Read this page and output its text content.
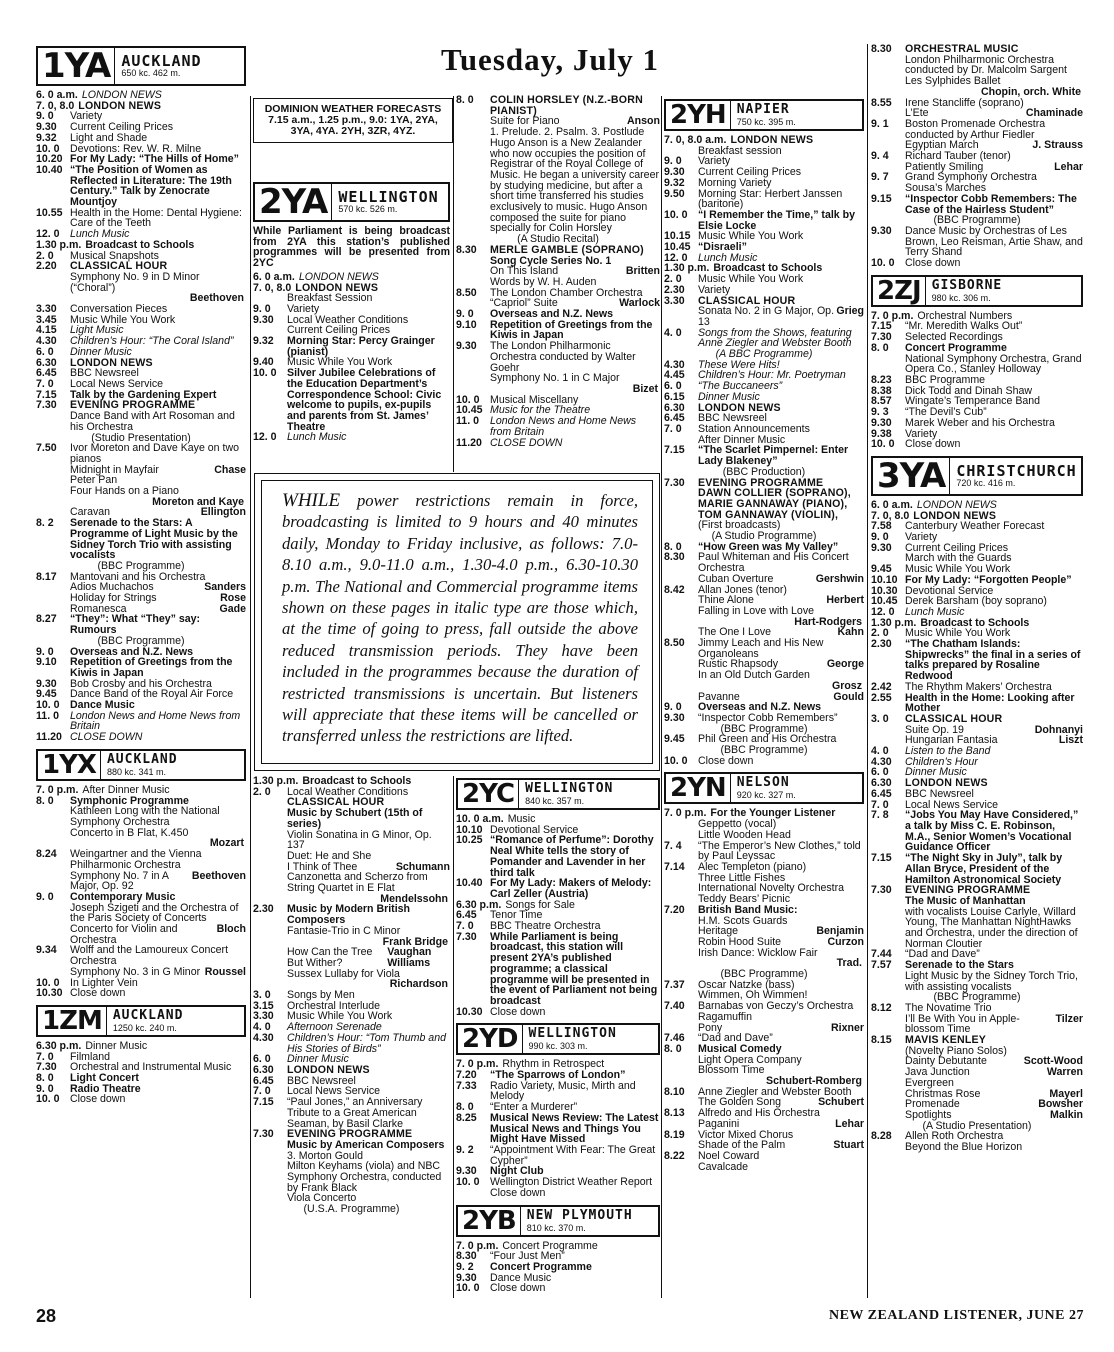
Tuesday, July 1
DOMINION WEATHER FORECASTS
7.15 a.m., 1.25 p.m., 9.0: 1YA, 2YA, 3YA, 4YA. 2YH, 3ZR, 4YZ.
WHILE power restrictions remain in force, broadcasting is limited to 9 hours and 40 minutes daily, Monday to Friday inclusive, as follows: 7.0-8.10 a.m., 9.0-11.0 a.m., 1.30-4.0 p.m., 6.30-10.30 p.m. The National and Commercial programme items shown on these pages in italic type are those which, at the time of going to press, fall outside the above reduced transmission periods. They have been included in the programmes because the duration of restricted transmissions is uncertain. But listeners will appreciate that these items will be cancelled or transferred unless the restrictions are lifted.
1YA AUCKLAND
650 kc. 462 m.
6. 0 a.m. LONDON NEWS
7. 0, 8.0 LONDON NEWS
9. 0	Variety
9.30	Current Ceiling Prices
9.32	Light and Shade
10. 0 Devotions: Rev. W. R. Milne
10.20 For My Lady: “The Hills of Home”
10.40 “The Position of Women as Reflected in Literature: The 19th Century.” Talk by Zenocrate Mountjoy
10.55 Health in the Home: Dental Hygiene: Care of the Teeth
12. 0 Lunch Music
1.30 p.m. Broadcast to Schools
2. 0	Musical Snapshots
2.20	CLASSICAL HOUR
Symphony No. 9 in D Minor (“Choral”)
Beethoven
3.30	Conversation Pieces
3.45	Music While You Work
4.15	Light Music
4.30	Children’s Hour: “The Coral Island”
6. 0	Dinner Music
6.30	LONDON NEWS
6.45	BBC Newsreel
7. 0	Local News Service
7.15	Talk by the Gardening Expert
7.30	EVENING PROGRAMME
Dance Band with Art Rosoman and his Orchestra
(Studio Presentation)
7.50	Ivor Moreton and Dave Kaye on two pianos
Midnight in Mayfair	Chase
Peter Pan
Four Hands on a Piano
Moreton and Kaye
Caravan	Ellington
8. 2	Serenade to the Stars: A Programme of Light Music by the Sidney Torch Trio with assisting vocalists
(BBC Programme)
8.17	Mantovani and his Orchestra
Adios Muchachos	Sanders
Holiday for Strings	Rose
Romanesca	Gade
8.27	“They”: What “They” say: Rumours
(BBC Programme)
9. 0	Overseas and N.Z. News
9.10	Repetition of Greetings from the Kiwis in Japan
9.30	Bob Crosby and his Orchestra
9.45	Dance Band of the Royal Air Force
10. 0 Dance Music
11. 0	London News and Home News from Britain
11.20 CLOSE DOWN
1YX AUCKLAND
880 kc. 341 m.
7. 0 p.m. After Dinner Music
8. 0	Symphonic Programme
Kathleen Long with the National Symphony Orchestra
Concerto in B Flat, K.450
Mozart
8.24	Weingartner and the Vienna Philharmonic Orchestra
Symphony No. 7 in A Major, Op. 92
Beethoven
9. 0	Contemporary Music
Joseph Szigeti and the Orchestra of the Paris Society of Concerts
Concerto for Violin and Orchestra
Bloch
9.34	Wolff and the Lamoureux Concert Orchestra
Symphony No. 3 in G Minor Roussel
10. 0 In Lighter Vein
10.30 Close down
1ZM AUCKLAND
1250 kc. 240 m.
6.30 p.m. Dinner Music
7. 0	Filmland
7.30	Orchestral and Instrumental Music
8. 0	Light Concert
9. 0	Radio Theatre
10. 0 Close down
2YA WELLINGTON
570 kc. 526 m.
While Parliament is being broadcast from 2YA this station’s published programmes will be presented from 2YC
6. 0 a.m. LONDON NEWS
7. 0, 8.0 LONDON NEWS
Breakfast Session
9. 0	Variety
9.30	Local Weather Conditions
Current Ceiling Prices
9.32	Morning Star: Percy Grainger (pianist)
9.40	Music While You Work
10. 0 Silver Jubilee Celebrations of the Education Department’s Correspondence School: Civic welcome to pupils, ex-pupils and parents from St. James’ Theatre
12. 0 Lunch Music
1.30 p.m. Broadcast to Schools
2. 0	Local Weather Conditions
CLASSICAL HOUR
Music by Schubert (15th of series)
Violin Sonatina in G Minor, Op. 137
Duet: He and She
I Think of Thee	Schumann
Canzonetta and Scherzo from String Quartet in E Flat
Mendelssohn
2.30	Music by Modern British Composers
Fantasie-Trio in C Minor
Frank Bridge
How Can the Tree But Wither?
Vaughan Williams
Sussex Lullaby for Viola
Richardson
3. 0	Songs by Men
3.15	Orchestral Interlude
3.30	Music While You Work
4. 0	Afternoon Serenade
4.30	Children’s Hour: “Tom Thumb and His Stories of Birds”
6. 0	Dinner Music
6.30	LONDON NEWS
6.45	BBC Newsreel
7. 0	Local News Service
7.15	“Paul Jones,” an Anniversary Tribute to a Great American Seaman, by Basil Clarke
7.30	EVENING PROGRAMME
Music by American Composers
3. Morton Gould
Milton Keyhams (viola) and NBC Symphony Orchestra, conducted by Frank Black
Viola Concerto
(U.S.A. Programme)
8. 0	COLIN HORSLEY (N.Z.-BORN PIANIST)
Suite for Piano	Anson
1. Prelude. 2. Psalm. 3. Postlude
Hugo Anson is a New Zealander who now occupies the position of Registrar of the Royal College of Music. He began a university career by studying medicine, but after a short time transferred his studies exclusively to music. Hugo Anson composed the suite for piano specially for Colin Horsley
(A Studio Recital)
8.30	MERLE GAMBLE (SOPRANO)
Song Cycle Series No. 1
On This Island	Britten
Words by W. H. Auden
8.50	The London Chamber Orchestra
“Capriol” Suite	Warlock
9. 0	Overseas and N.Z. News
9.10	Repetition of Greetings from the Kiwis in Japan
9.30	The London Philharmonic Orchestra conducted by Walter Goehr
Symphony No. 1 in C Major
Bizet
10. 0 Musical Miscellany
10.45 Music for the Theatre
11. 0	London News and Home News from Britain
11.20 CLOSE DOWN
2YC WELLINGTON
840 kc. 357 m.
10. 0 a.m. Music
10.10 Devotional Service
10.25 “Romance of Perfume”: Dorothy Neal White tells the story of Pomander and Lavender in her third talk
10.40 For My Lady: Makers of Melody: Carl Zeller (Austria)
6.30 p.m. Songs for Sale
6.45	Tenor Time
7. 0	BBC Theatre Orchestra
7.30	While Parliament is being broadcast, this station will present 2YA’s published programme; a classical programme will be presented in the event of Parliament not being broadcast
10.30 Close down
2YD WELLINGTON
990 kc. 303 m.
7. 0 p.m. Rhythm in Retrospect
7.20	“The Sparrows of London”
7.33	Radio Variety, Music, Mirth and Melody
8. 0	“Enter a Murderer”
8.25	Musical News Review: The Latest Musical News and Things You Might Have Missed
9. 2	“Appointment With Fear: The Great Cypher”
9.30	Night Club
10. 0 Wellington District Weather Report
Close down
2YB NEW PLYMOUTH
810 kc. 370 m.
7. 0 p.m. Concert Programme
8.30	“Four Just Men”
9. 2	Concert Programme
9.30	Dance Music
10. 0 Close down
2YH NAPIER
750 kc. 395 m.
7. 0, 8.0 a.m. LONDON NEWS
Breakfast session
9. 0	Variety
9.30	Current Ceiling Prices
9.32	Morning Variety
9.50	Morning Star: Herbert Janssen (baritone)
10. 0 “I Remember the Time,” talk by Elsie Locke
10.15 Music While You Work
10.45 “Disraeli”
12. 0 Lunch Music
1.30 p.m. Broadcast to Schools
2. 0	Music While You Work
2.30	Variety
3.30	CLASSICAL HOUR
Sonata No. 2 in G Major, Op. 13
Grieg
4. 0	Songs from the Shows, featuring Anne Ziegler and Webster Booth
(A BBC Programme)
4.30	These Were Hits!
4.45	Children’s Hour: Mr. Poetryman
6. 0	“The Buccaneers”
6.15	Dinner Music
6.30	LONDON NEWS
6.45	BBC Newsreel
7. 0	Station Announcements
After Dinner Music
7.15	“The Scarlet Pimpernel: Enter Lady Blakeney”
(BBC Production)
7.30	EVENING PROGRAMME
DAWN COLLIER (SOPRANO), MARIE GANNAWAY (PIANO), TOM GANNAWAY (VIOLIN),
(First broadcasts)
(A Studio Programme)
8. 0	“How Green was My Valley”
8.30	Paul Whiteman and His Concert Orchestra
Cuban Overture	Gershwin
8.42	Allan Jones (tenor)
Thine Alone	Herbert
Falling in Love with Love
Hart-Rodgers
The One I Love	Kahn
8.50	Jimmy Leach and His New Organoleans
Rustic Rhapsody	George
In an Old Dutch Garden
Grosz
Pavanne	Gould
9. 0	Overseas and N.Z. News
9.30	“Inspector Cobb Remembers”
(BBC Programme)
9.45	Phil Green and His Orchestra
(BBC Programme)
10. 0 Close down
2YN NELSON
920 kc. 327 m.
7. 0 p.m. For the Younger Listener
Geppetto (vocal)
Little Wooden Head
7. 4	“The Emperor’s New Clothes,” told by Paul Leyssac
7.14	Alec Templeton (piano)
Three Little Fishes
International Novelty Orchestra
Teddy Bears’ Picnic
7.20	British Band Music:
H.M. Scots Guards
Heritage	Benjamin
Robin Hood Suite	Curzon
Irish Dance: Wicklow Fair
Trad.
(BBC Programme)
7.37	Oscar Natzke (bass)
Wimmen, Oh Wimmen!
7.40	Barnabas von Geczy’s Orchestra
Ragamuffin
Pony	Rixner
7.46	“Dad and Dave”
8. 0	Musical Comedy
Light Opera Company
Blossom Time
Schubert-Romberg
8.10	Anne Ziegler and Webster Booth
The Golden Song	Schubert
8.13	Alfredo and His Orchestra
Paganini	Lehar
8.19	Victor Mixed Chorus
Shade of the Palm	Stuart
8.22	Noel Coward
Cavalcade
8.30	ORCHESTRAL MUSIC
London Philharmonic Orchestra conducted by Dr. Malcolm Sargent
Les Sylphides Ballet
Chopin, orch. White
8.55	Irene Stancliffe (soprano)
L’Ete	Chaminade
9. 1	Boston Promenade Orchestra conducted by Arthur Fiedler
Egyptian March	J. Strauss
9. 4	Richard Tauber (tenor)
Patiently Smiling	Lehar
9. 7	Grand Symphony Orchestra
Sousa’s Marches
9.15	“Inspector Cobb Remembers: The Case of the Hairless Student”
(BBC Programme)
9.30	Dance Music by Orchestras of Les Brown, Leo Reisman, Artie Shaw, and Terry Shand
10. 0 Close down
2ZJ GISBORNE
980 kc. 306 m.
7. 0 p.m. Orchestral Numbers
7.15	“Mr. Meredith Walks Out”
7.30	Selected Recordings
8. 0	Concert Programme
National Symphony Orchestra, Grand Opera Co., Stanley Holloway
8.23	BBC Programme
8.38	Dick Todd and Dinah Shaw
8.57	Wingate’s Temperance Band
9. 3	“The Devil’s Cub”
9.30	Marek Weber and his Orchestra
9.38	Variety
10. 0 Close down
3YA CHRISTCHURCH
720 kc. 416 m.
6. 0 a.m. LONDON NEWS
7. 0, 8.0 LONDON NEWS
7.58	Canterbury Weather Forecast
9. 0	Variety
9.30	Current Ceiling Prices
March with the Guards
9.45	Music While You Work
10.10 For My Lady: “Forgotten People”
10.30 Devotional Service
10.45 Derek Barsham (boy soprano)
12. 0 Lunch Music
1.30 p.m. Broadcast to Schools
2. 0	Music While You Work
2.30	“The Chatham Islands: Shipwrecks” the final in a series of talks prepared by Rosaline Redwood
2.42	The Rhythm Makers’ Orchestra
2.55	Health in the Home: Looking after Mother
3. 0	CLASSICAL HOUR
Suite Op. 19	Dohnanyi
Hungarian Fantasia	Liszt
4. 0	Listen to the Band
4.30	Children’s Hour
6. 0	Dinner Music
6.30	LONDON NEWS
6.45	BBC Newsreel
7. 0	Local News Service
7. 8	“Jobs You May Have Considered,” a talk by Miss C. E. Robinson, M.A., Senior Women’s Vocational Guidance Officer
7.15	“The Night Sky in July”, talk by Allan Bryce, President of the Hamilton Astronomical Society
7.30	EVENING PROGRAMME
The Music of Manhattan
with vocalists Louise Carlyle, Willard Young, The Manhattan NightHawks and Orchestra, under the direction of Norman Cloutier
7.44	“Dad and Dave”
7.57	Serenade to the Stars
Light Music by the Sidney Torch Trio, with assisting vocalists
(BBC Programme)
8.12	The Novatime Trio
I’ll Be With You in Apple-blossom Time
Tilzer
8.15	MAVIS KENLEY
(Novelty Piano Solos)
Dainty Debutante	Scott-Wood
Java Junction	Warren
Evergreen
Christmas Rose	Mayerl
Promenade	Bowsher
Spotlights	Malkin
(A Studio Presentation)
8.28	Allen Roth Orchestra
Beyond the Blue Horizon
28	NEW ZEALAND LISTENER, JUNE 27
